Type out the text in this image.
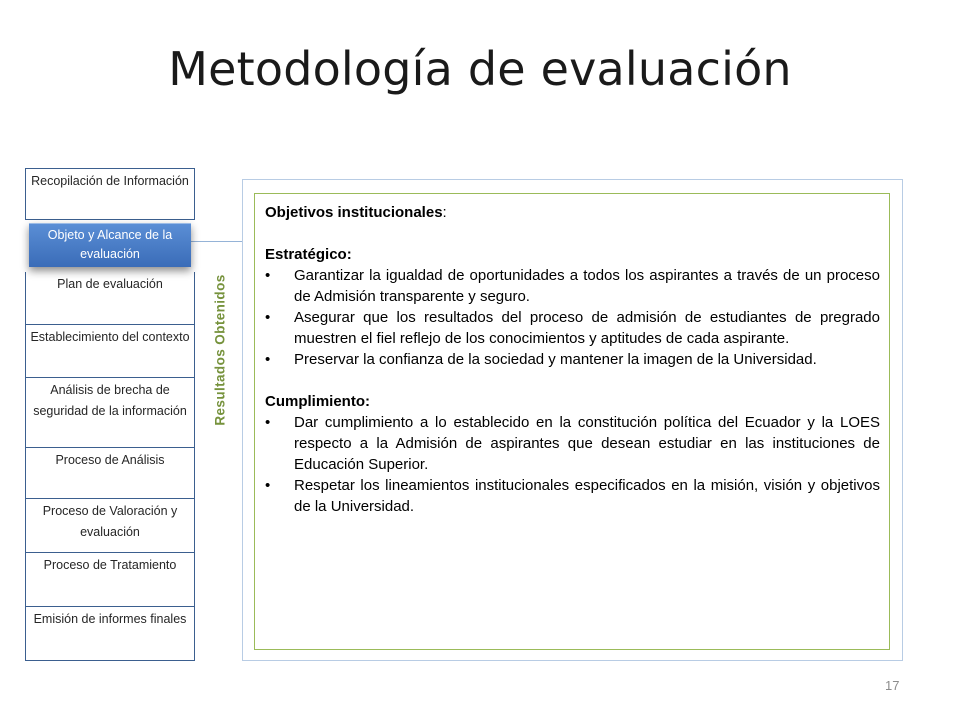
Metodología de evaluación
Recopilación de Información
Objeto y Alcance de la evaluación
Plan de evaluación
Establecimiento del contexto
Análisis de brecha de seguridad de la información
Proceso de Análisis
Proceso de Valoración y evaluación
Proceso de Tratamiento
Emisión de informes finales
Resultados Obtenidos
Objetivos institucionales:
Estratégico:
•	Garantizar la igualdad de oportunidades a todos los aspirantes a través de un proceso de Admisión transparente y seguro.
•	Asegurar que los resultados del proceso de admisión de estudiantes de pregrado muestren el fiel reflejo de los conocimientos y aptitudes de cada aspirante.
•	Preservar la confianza de la sociedad y mantener la imagen de la Universidad.
Cumplimiento:
•	Dar cumplimiento a lo establecido en la constitución política del Ecuador y la LOES respecto a la Admisión de aspirantes que desean estudiar en las instituciones de Educación Superior.
•	Respetar los lineamientos institucionales especificados en la misión, visión y objetivos de la Universidad.
17
